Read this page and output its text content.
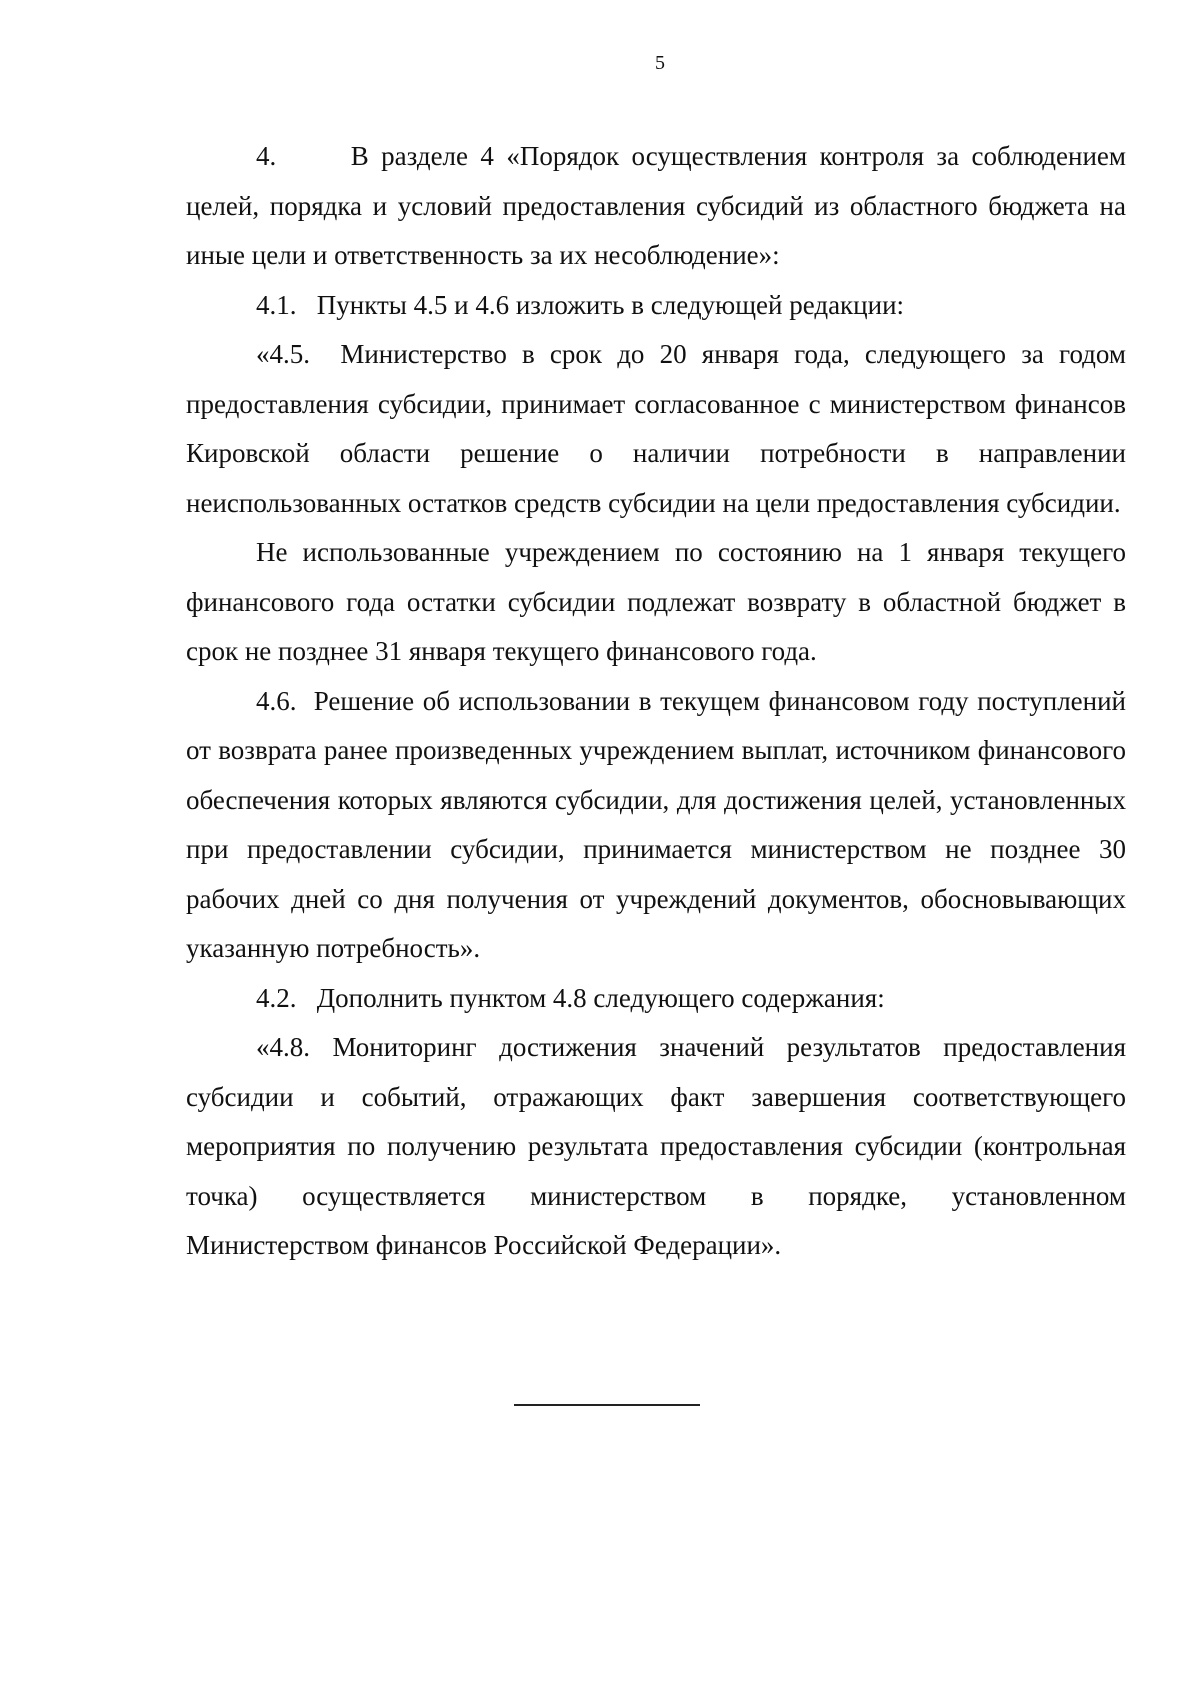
5

4.      В разделе 4 «Порядок осуществления контроля за соблюдением целей, порядка и условий предоставления субсидий из областного бюджета на иные цели и ответственность за их несоблюдение»:

4.1.   Пункты 4.5 и 4.6 изложить в следующей редакции:

«4.5.  Министерство в срок до 20 января года, следующего за годом предоставления субсидии, принимает согласованное с министерством финансов Кировской области решение о наличии потребности в направлении неиспользованных остатков средств субсидии на цели предоставления субсидии.

Не использованные учреждением по состоянию на 1 января текущего финансового года остатки субсидии подлежат возврату в областной бюджет в срок не позднее 31 января текущего финансового года.

4.6.  Решение об использовании в текущем финансовом году поступлений от возврата ранее произведенных учреждением выплат, источником финансового обеспечения которых являются субсидии, для достижения целей, установленных при предоставлении субсидии, принимается министерством не позднее 30 рабочих дней со дня получения от учреждений документов, обосновывающих указанную потребность».

4.2.   Дополнить пунктом 4.8 следующего содержания:

«4.8. Мониторинг достижения значений результатов предоставления субсидии и событий, отражающих факт завершения соответствующего мероприятия по получению результата предоставления субсидии (контрольная точка) осуществляется министерством в порядке, установленном Министерством финансов Российской Федерации».
